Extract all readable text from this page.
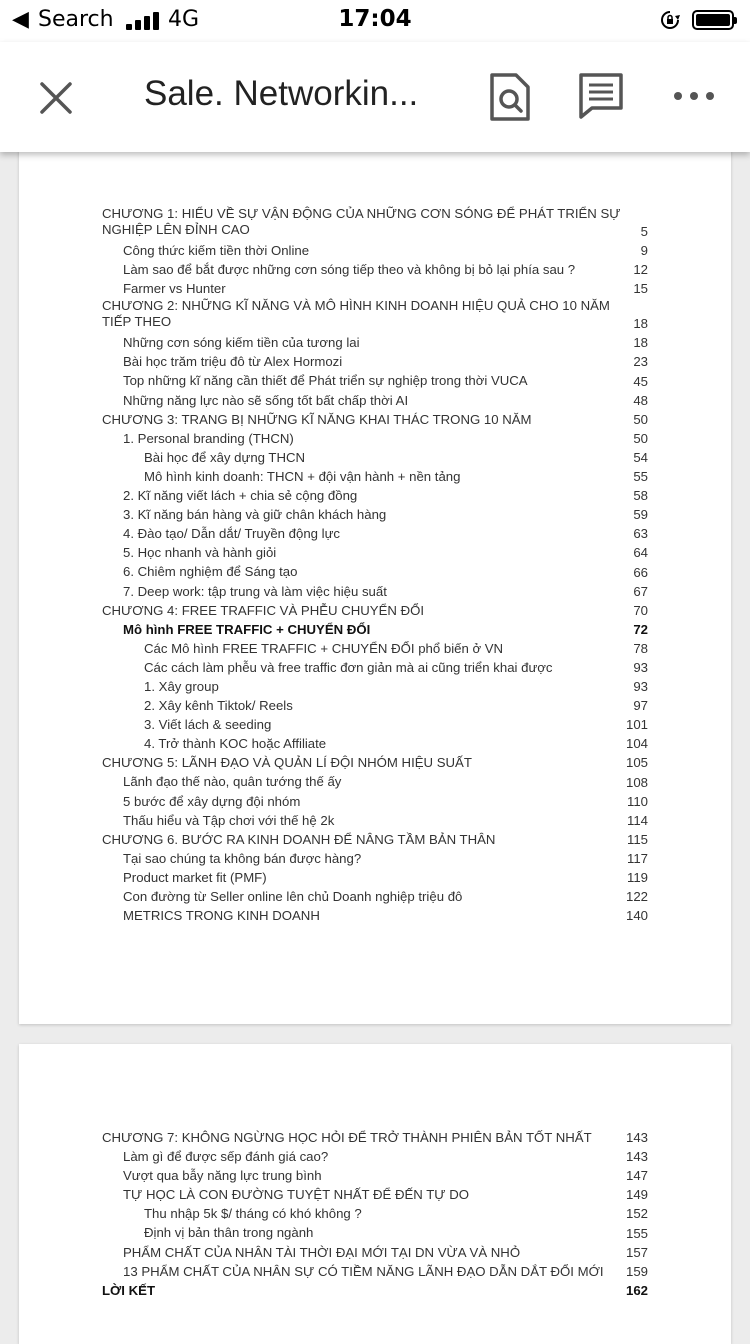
◀ Search 4G	17:04
Sale. Networkin...
CHƯƠNG 1: HIỂU VỀ SỰ VẬN ĐỘNG CỦA NHỮNG CƠN SÓNG ĐỂ PHÁT TRIỂN SỰ NGHIỆP LÊN ĐỈNH CAO	5
Công thức kiếm tiền thời Online	9
Làm sao để bắt được những cơn sóng tiếp theo và không bị bỏ lại phía sau ?	12
Farmer vs Hunter	15
CHƯƠNG 2: NHỮNG KĨ NĂNG VÀ MÔ HÌNH KINH DOANH HIỆU QUẢ CHO 10 NĂM TIẾP THEO	18
Những cơn sóng kiếm tiền của tương lai	18
Bài học trăm triệu đô từ Alex Hormozi	23
Top những kĩ năng cần thiết để Phát triển sự nghiệp trong thời VUCA	45
Những năng lực nào sẽ sống tốt bất chấp thời AI	48
CHƯƠNG 3: TRANG BỊ NHỮNG KĨ NĂNG KHAI THÁC TRONG 10 NĂM	50
1. Personal branding (THCN)	50
Bài học để xây dựng THCN	54
Mô hình kinh doanh: THCN + đội vận hành + nền tảng	55
2. Kĩ năng viết lách + chia sẻ cộng đồng	58
3. Kĩ năng bán hàng và giữ chân khách hàng	59
4. Đào tạo/ Dẫn dắt/ Truyền động lực	63
5. Học nhanh và hành giỏi	64
6. Chiêm nghiệm để Sáng tạo	66
7. Deep work: tập trung và làm việc hiệu suất	67
CHƯƠNG 4: FREE TRAFFIC VÀ PHỄU CHUYỂN ĐỔI	70
Mô hình FREE TRAFFIC + CHUYỂN ĐỔI	72
Các Mô hình FREE TRAFFIC + CHUYỂN ĐỔI phổ biến ở VN	78
Các cách làm phễu và free traffic đơn giản mà ai cũng triển khai được	93
1. Xây group	93
2. Xây kênh Tiktok/ Reels	97
3. Viết lách & seeding	101
4. Trở thành KOC hoặc Affiliate	104
CHƯƠNG 5: LÃNH ĐẠO VÀ QUẢN LÍ ĐỘI NHÓM HIỆU SUẤT	105
Lãnh đạo thế nào, quân tướng thế ấy	108
5 bước để xây dựng đội nhóm	110
Thấu hiểu và Tập chơi với thế hệ 2k	114
CHƯƠNG 6. BƯỚC RA KINH DOANH ĐỂ NÂNG TẦM BẢN THÂN	115
Tại sao chúng ta không bán được hàng?	117
Product market fit (PMF)	119
Con đường từ Seller online lên chủ Doanh nghiệp triệu đô	122
METRICS TRONG KINH DOANH	140
CHƯƠNG 7: KHÔNG NGỪNG HỌC HỎI ĐỂ TRỞ THÀNH PHIÊN BẢN TỐT NHẤT	143
Làm gì để được sếp đánh giá cao?	143
Vượt qua bẫy năng lực trung bình	147
TỰ HỌC LÀ CON ĐƯỜNG TUYỆT NHẤT ĐỂ ĐẾN TỰ DO	149
Thu nhập 5k $/ tháng có khó không ?	152
Định vị bản thân trong ngành	155
PHẨM CHẤT CỦA NHÂN TÀI THỜI ĐẠI MỚI TẠI DN VỪA VÀ NHỎ	157
13 PHẨM CHẤT CỦA NHÂN SỰ CÓ TIỀM NĂNG LÃNH ĐẠO DẪN DẮT ĐỔI MỚI	159
LỜI KẾT	162
